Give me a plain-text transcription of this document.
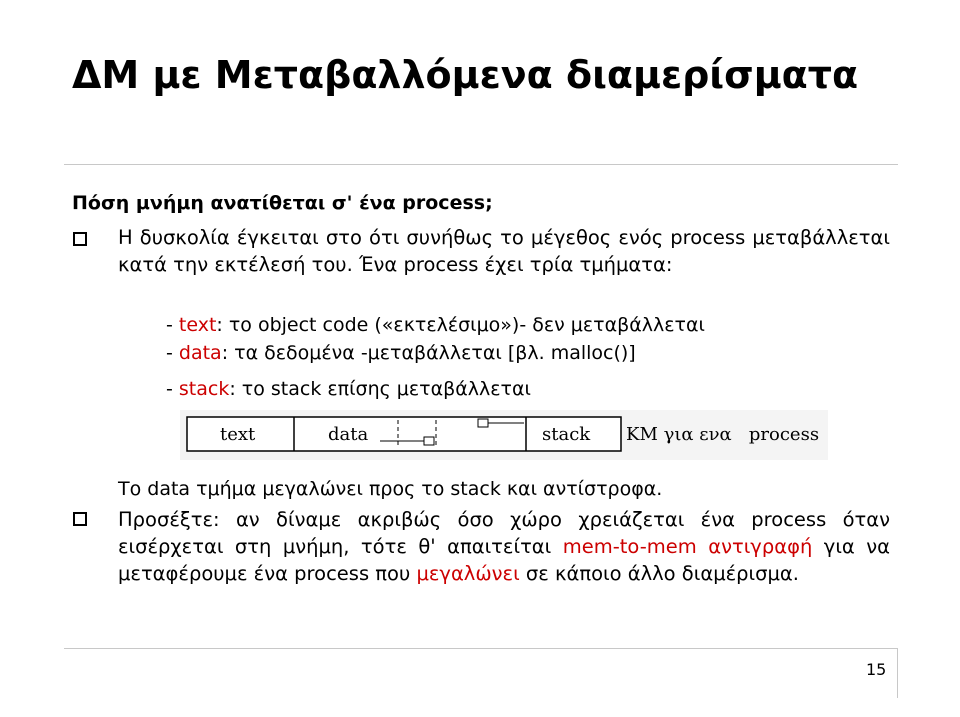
ΔΜ με Μεταβαλλόμενα διαμερίσματα
Πόση μνήμη ανατίθεται σ' ένα process;
Η δυσκολία έγκειται στο ότι συνήθως το μέγεθος ενός process μεταβάλλεται κατά την εκτέλεσή του. Ένα process έχει τρία τμήματα:
- text: το object code («εκτελέσιμο»)- δεν μεταβάλλεται
- data: τα δεδομένα -μεταβάλλεται [βλ. malloc()]
- stack: το stack επίσης μεταβάλλεται
text	data	stack ΚΜ για ενα   process
Το data τμήμα μεγαλώνει προς το stack και αντίστροφα.
Προσέξτε: αν δίναμε ακριβώς όσο χώρο χρειάζεται ένα process όταν εισέρχεται στη μνήμη, τότε θ' απαιτείται mem-to-mem αντιγραφή για να μεταφέρουμε ένα process που μεγαλώνει σε κάποιο άλλο διαμέρισμα.
15
